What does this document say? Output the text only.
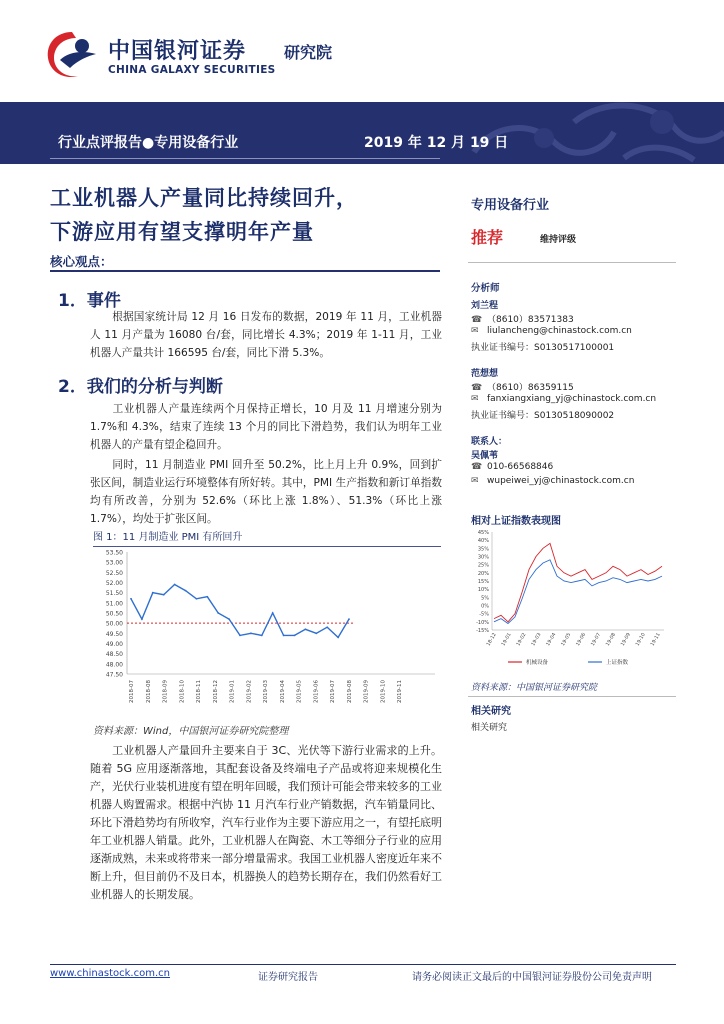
中国银河证券
CHINA GALAXY SECURITIES
研究院
行业点评报告●专用设备行业	2019 年 12 月 19 日
工业机器人产量同比持续回升，
下游应用有望支撑明年产量
核心观点：
1．事件

根据国家统计局 12 月 16 日发布的数据，2019 年 11 月，工业机器人 11 月产量为 16080 台/套，同比增长 4.3%；2019 年 1-11 月，工业机器人产量共计 166595 台/套，同比下滑 5.3%。

2．我们的分析与判断

工业机器人产量连续两个月保持正增长，10 月及 11 月增速分别为 1.7%和 4.3%，结束了连续 13 个月的同比下滑趋势，我们认为明年工业机器人的产量有望企稳回升。

同时，11 月制造业 PMI 回升至 50.2%，比上月上升 0.9%，回到扩张区间，制造业运行环境整体有所好转。其中，PMI 生产指数和新订单指数均有所改善，分别为 52.6%（环比上涨 1.8%）、51.3%（环比上涨 1.7%），均处于扩张区间。

图 1：11 月制造业 PMI 有所回升
53.50
53.00
52.50
52.00
51.50
51.00
50.50
50.00
49.50
49.00
48.50
48.00
47.50
2018-07 2018-08 2018-09 2018-10 2018-11 2018-12 2019-01 2019-02 2019-03 2019-04 2019-05 2019-06 2019-07 2019-08 2019-09 2019-10 2019-11
资料来源：Wind，中国银河证券研究院整理

工业机器人产量回升主要来自于 3C、光伏等下游行业需求的上升。随着 5G 应用逐渐落地，其配套设备及终端电子产品或将迎来规模化生产，光伏行业装机进度有望在明年回暖，我们预计可能会带来较多的工业机器人购置需求。根据中汽协 11 月汽车行业产销数据，汽车销量同比、环比下滑趋势均有所收窄，汽车行业作为主要下游应用之一，有望托底明年工业机器人销量。此外，工业机器人在陶瓷、木工等细分子行业的应用逐渐成熟，未来或将带来一部分增量需求。我国工业机器人密度近年来不断上升，但目前仍不及日本，机器换人的趋势长期存在，我们仍然看好工业机器人的长期发展。

专用设备行业
推荐	维持评级
分析师
刘兰程
☎ （8610）83571383
✉ liulancheng@chinastock.com.cn
执业证书编号：S0130517100001
范想想
☎ （8610）86359115
✉ fanxiangxiang_yj@chinastock.com.cn
执业证书编号：S0130518090002
联系人：
吴佩苇
☎ 010-66568846
✉ wupeiwei_yj@chinastock.com.cn
相对上证指数表现图
45%
40%
35%
30%
25%
20%
15%
10%
5%
0%
-5%
-10%
-15%
18-12 19-01 19-02 19-03 19-04 19-05 19-06 19-07 19-08 19-09 19-10 19-11
机械设备	上证指数
资料来源：中国银河证券研究院
相关研究
相关研究
www.chinastock.com.cn	证券研究报告	请务必阅读正文最后的中国银河证券股份公司免责声明
